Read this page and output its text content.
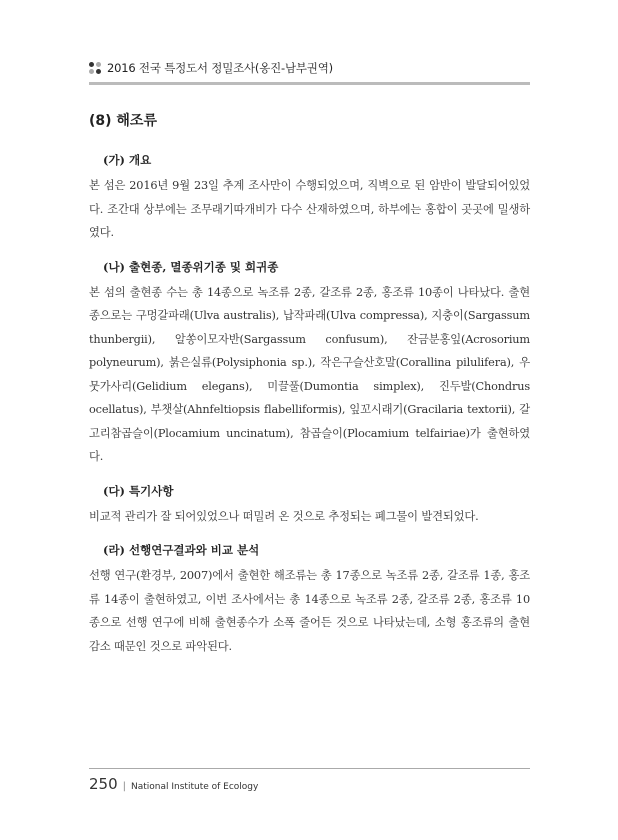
2016 전국 특정도서 정밀조사(옹진-남부권역)
(8) 해조류
(가) 개요

본 섬은 2016년 9월 23일 추계 조사만이 수행되었으며, 직벽으로 된 암반이 발달되어있었다. 조간대 상부에는 조무래기따개비가 다수 산재하였으며, 하부에는 홍합이 곳곳에 밀생하였다.

(나) 출현종, 멸종위기종 및 희귀종

본 섬의 출현종 수는 총 14종으로 녹조류 2종, 갈조류 2종, 홍조류 10종이 나타났다. 출현종으로는 구멍갈파래(Ulva australis), 납작파래(Ulva compressa), 지충이(Sargassum thunbergii), 알쏭이모자반(Sargassum confusum), 잔금분홍잎(Acrosorium polyneurum), 붉은실류(Polysiphonia sp.), 작은구슬산호말(Corallina pilulifera), 우뭇가사리(Gelidium elegans), 미끌풀(Dumontia simplex), 진두발(Chondrus ocellatus), 부챗살(Ahnfeltiopsis flabelliformis), 잎꼬시래기(Gracilaria textorii), 갈고리참곱슬이(Plocamium uncinatum), 참곱슬이(Plocamium telfairiae)가 출현하였다.

(다) 특기사항

비교적 관리가 잘 되어있었으나 떠밀려 온 것으로 추정되는 폐그물이 발견되었다.

(라) 선행연구결과와 비교 분석

선행 연구(환경부, 2007)에서 출현한 해조류는 총 17종으로 녹조류 2종, 갈조류 1종, 홍조류 14종이 출현하였고, 이번 조사에서는 총 14종으로 녹조류 2종, 갈조류 2종, 홍조류 10종으로 선행 연구에 비해 출현종수가 소폭 줄어든 것으로 나타났는데, 소형 홍조류의 출현 감소 때문인 것으로 파악된다.

250 | National Institute of Ecology
